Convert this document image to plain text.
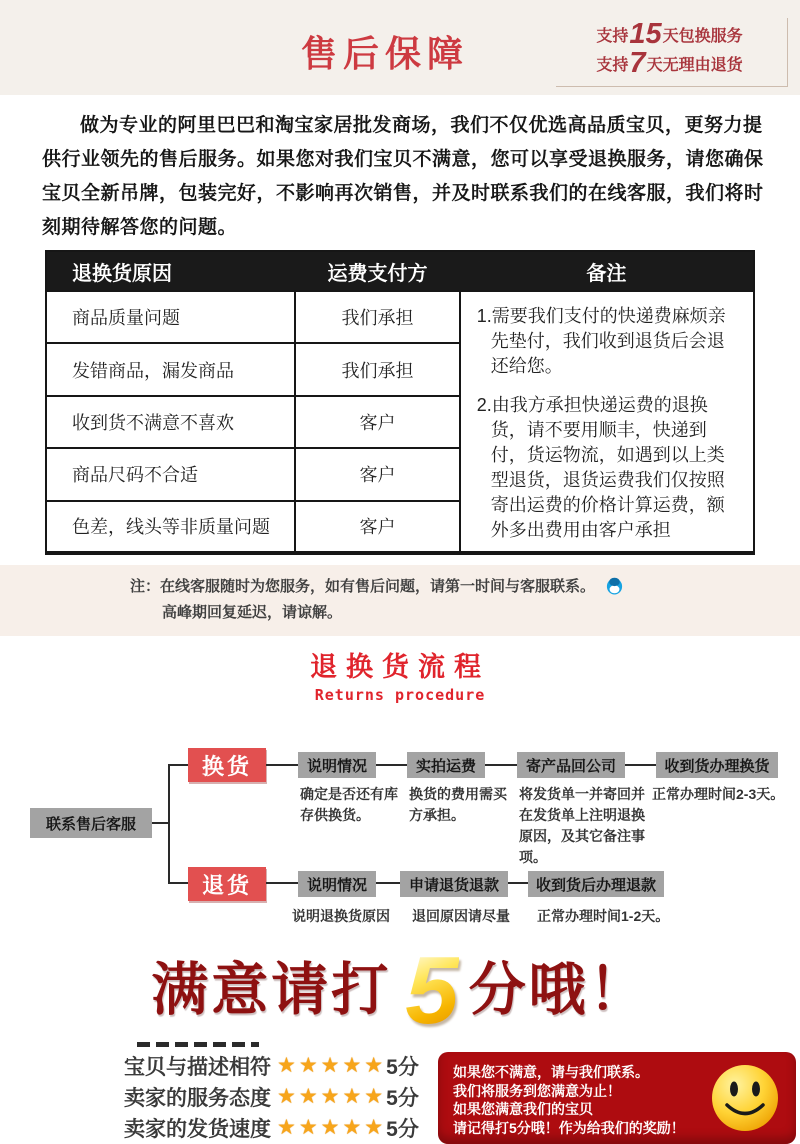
售后保障	支持15天包换服务
支持7天无理由退货

做为专业的阿里巴巴和淘宝家居批发商场，我们不仅优选高品质宝贝，更努力提供行业领先的售后服务。如果您对我们宝贝不满意，您可以享受退换服务，请您确保宝贝全新吊牌，包装完好，不影响再次销售，并及时联系我们的在线客服，我们将时刻期待解答您的问题。

退换货原因	运费支付方	备注
商品质量问题	我们承担	1.需要我们支付的快递费麻烦亲先垫付，我们收到退货后会退还给您。

2.由我方承担快递运费的退换货，请不要用顺丰，快递到付，货运物流，如遇到以上类型退货，退货运费我们仅按照寄出运费的价格计算运费，额外多出费用由客户承担

发错商品，漏发商品	我们承担	
收到货不满意不喜欢	客户	
商品尺码不合适	客户	
色差，线头等非质量问题	客户	
注：在线客服随时为您服务，如有售后问题，请第一时间与客服联系。
高峰期回复延迟，请谅解。
退换货流程
Returns procedure
联系售后客服
换货	说明情况	实拍运费	寄产品回公司	收到货办理换货
确定是否还有库存供换货。
换货的费用需买方承担。
将发货单一并寄回并在发货单上注明退换原因，及其它备注事项。
正常办理时间2-3天。
退货	说明情况	申请退货退款	收到货后办理退款
说明退换货原因	退回原因请尽量	正常办理时间1-2天。
满意请打 5 分哦！
宝贝与描述相符 ★★★★★ 5分
卖家的服务态度 ★★★★★ 5分
卖家的发货速度 ★★★★★ 5分
如果您不满意，请与我们联系。
我们将服务到您满意为止！
如果您满意我们的宝贝
请记得打5分哦！作为给我们的奖励！
